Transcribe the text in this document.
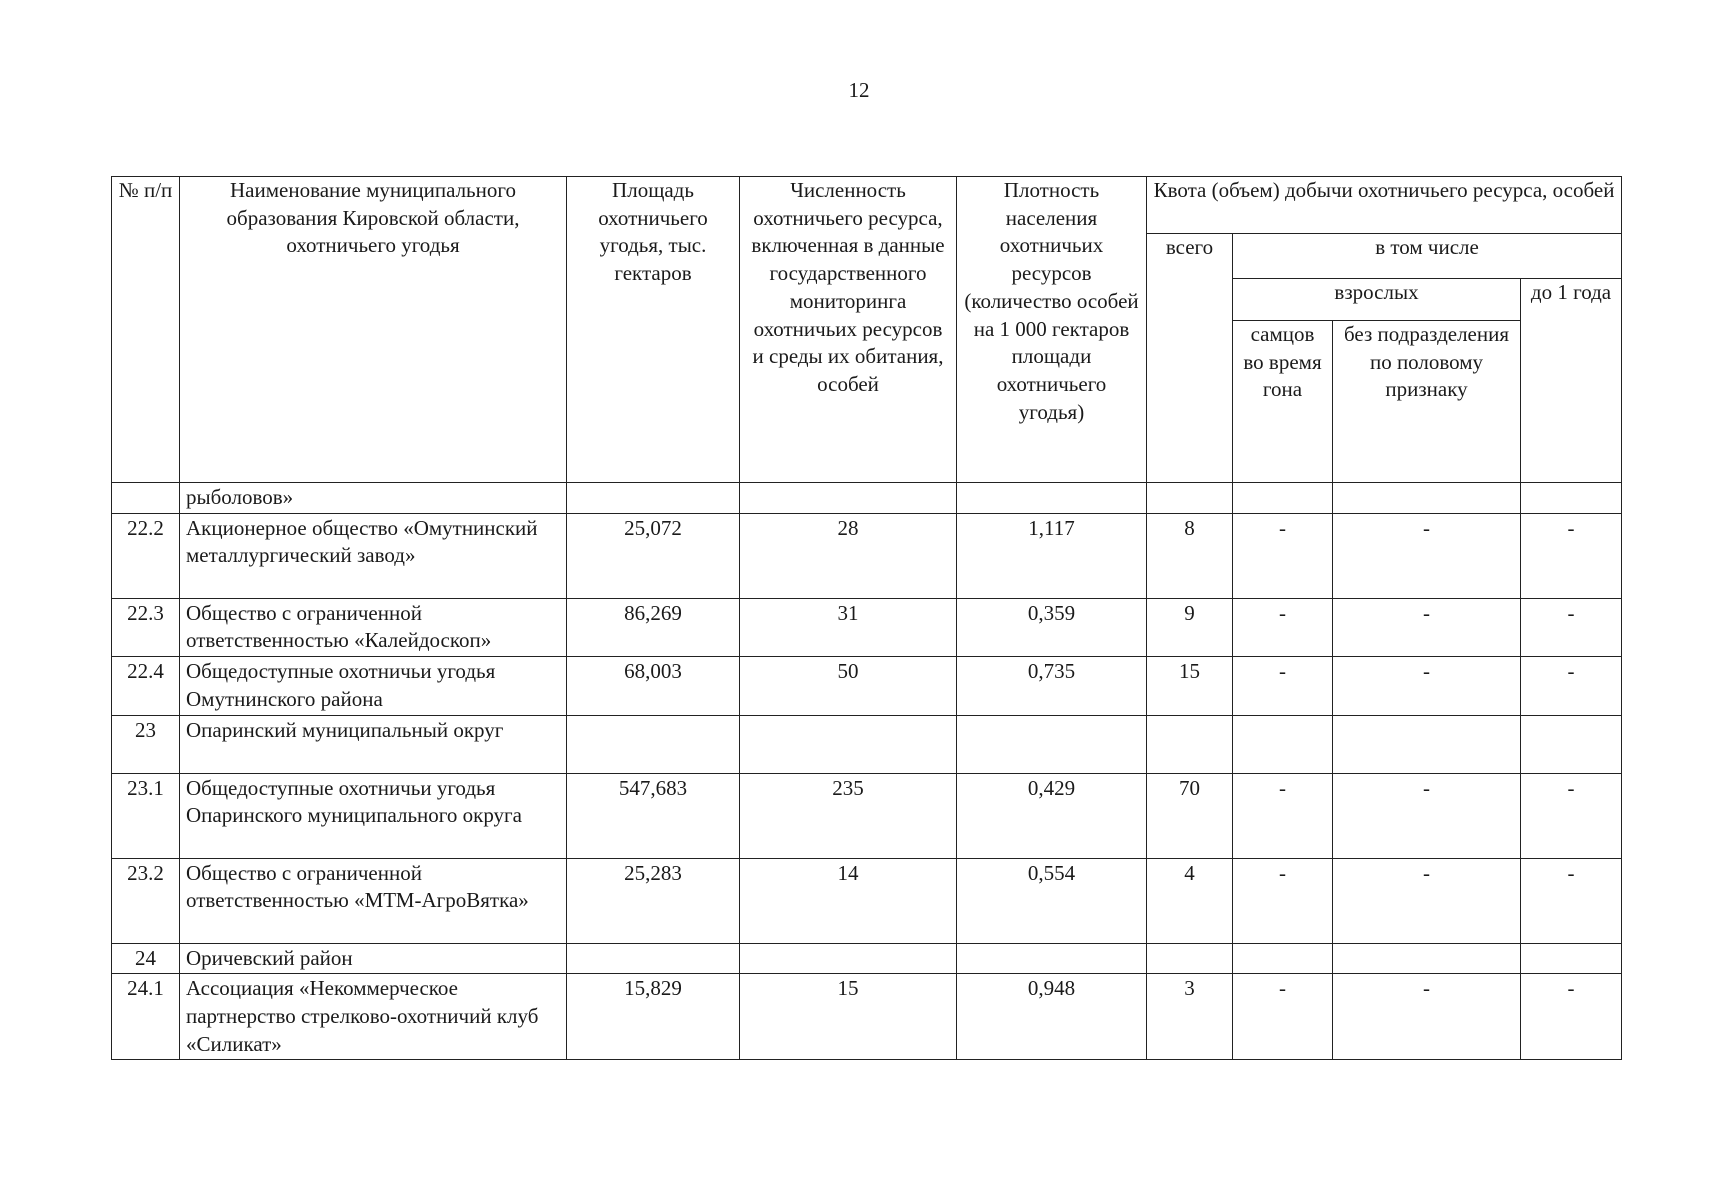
12
№ п/п	Наименование муниципального образования Кировской области, охотничьего угодья	Площадь охотничьего угодья, тыс. гектаров	Численность охотничьего ресурса, включенная в данные государственного мониторинга охотничьих ресурсов и среды их обитания, особей	Плотность населения охотничьих ресурсов (количество особей на 1 000 гектаров площади охотничьего угодья)	Квота (объем) добычи охотничьего ресурса, особей			
					всего	в том числе		
						взрослых		до 1 года
						самцов во время гона	без подразделения по половому признаку	
	рыболовов»							
22.2	Акционерное общество «Омутнинский металлургический завод»	25,072	28	1,117	8	-	-	-
22.3	Общество с ограниченной ответственностью «Калейдоскоп»	86,269	31	0,359	9	-	-	-
22.4	Общедоступные охотничьи угодья Омутнинского района	68,003	50	0,735	15	-	-	-
23	Опаринский муниципальный округ							
23.1	Общедоступные охотничьи угодья Опаринского муниципального округа	547,683	235	0,429	70	-	-	-
23.2	Общество с ограниченной ответственностью «МТМ-АгроВятка»	25,283	14	0,554	4	-	-	-
24	Оричевский район							
24.1	Ассоциация «Некоммерческое партнерство стрелково-охотничий клуб «Силикат»	15,829	15	0,948	3	-	-	-
